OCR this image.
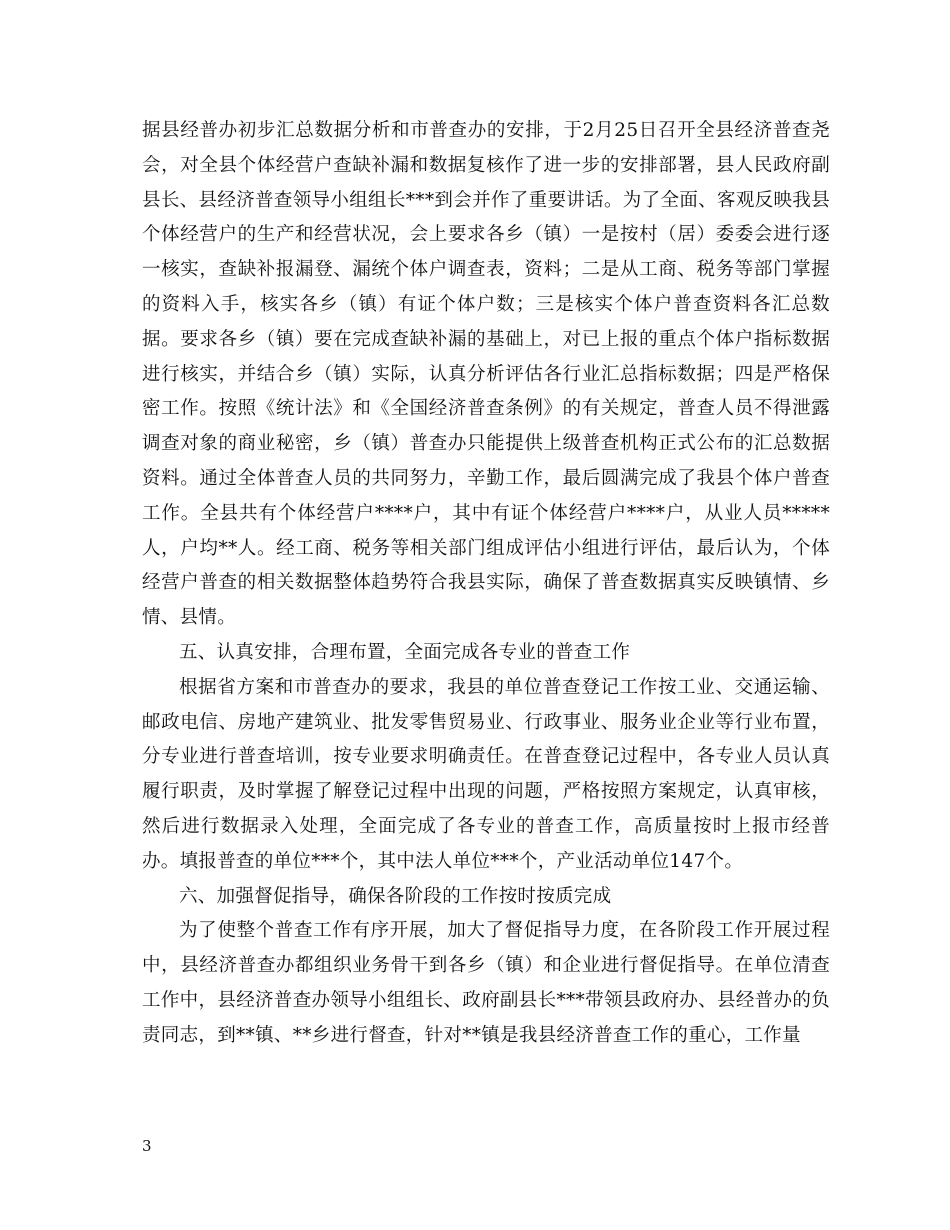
据县经普办初步汇总数据分析和市普查办的安排，于2月25日召开全县经济普查尧会，对全县个体经营户查缺补漏和数据复核作了进一步的安排部署，县人民政府副县长、县经济普查领导小组组长***到会并作了重要讲话。为了全面、客观反映我县个体经营户的生产和经营状况，会上要求各乡（镇）一是按村（居）委委会进行逐一核实，查缺补报漏登、漏统个体户调查表，资料；二是从工商、税务等部门掌握的资料入手，核实各乡（镇）有证个体户数；三是核实个体户普查资料各汇总数据。要求各乡（镇）要在完成查缺补漏的基础上，对已上报的重点个体户指标数据进行核实，并结合乡（镇）实际，认真分析评估各行业汇总指标数据；四是严格保密工作。按照《统计法》和《全国经济普查条例》的有关规定，普查人员不得泄露调查对象的商业秘密，乡（镇）普查办只能提供上级普查机构正式公布的汇总数据资料。通过全体普查人员的共同努力，辛勤工作，最后圆满完成了我县个体户普查工作。全县共有个体经营户****户，其中有证个体经营户****户，从业人员*****人，户均**人。经工商、税务等相关部门组成评估小组进行评估，最后认为，个体经营户普查的相关数据整体趋势符合我县实际，确保了普查数据真实反映镇情、乡情、县情。

五、认真安排，合理布置，全面完成各专业的普查工作

根据省方案和市普查办的要求，我县的单位普查登记工作按工业、交通运输、邮政电信、房地产建筑业、批发零售贸易业、行政事业、服务业企业等行业布置，分专业进行普查培训，按专业要求明确责任。在普查登记过程中，各专业人员认真履行职责，及时掌握了解登记过程中出现的问题，严格按照方案规定，认真审核，然后进行数据录入处理，全面完成了各专业的普查工作，高质量按时上报市经普办。填报普查的单位***个，其中法人单位***个，产业活动单位147个。

六、加强督促指导，确保各阶段的工作按时按质完成

为了使整个普查工作有序开展，加大了督促指导力度，在各阶段工作开展过程中，县经济普查办都组织业务骨干到各乡（镇）和企业进行督促指导。在单位清查工作中，县经济普查办领导小组组长、政府副县长***带领县政府办、县经普办的负责同志，到**镇、**乡进行督查，针对**镇是我县经济普查工作的重心，工作量

3
